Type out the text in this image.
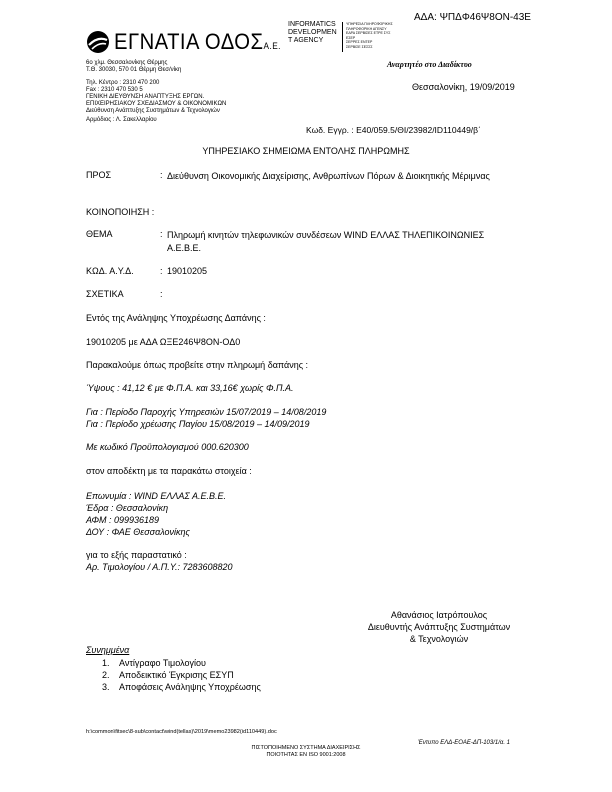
ΑΔΑ: ΨΠΔΦ46Ψ8ΟΝ-43Ε
ΕΓΝΑΤΙΑ ΟΔΟΣΑ.Ε.
INFORMATICS
DEVELOPMEN
T AGENCY
ΥΠΗΡΕΣΙΑ ΠΛΗΡΟΦΟΡΙΚΗΣ
ΠΛΗΡΟΦΟΡΙΚΗ ΑΓΕΝΣΥ
ΕΔΡΑ ΣΕΡΒΙΣΕΣ ΕΤΡΕ ΣΥΣ
ΕΣΕΡ
ΣΕΡΡΕΣ ΕΝΤΕΡ
ΣΕΡΒΙΣΕ ΣΕΣΣΣ
6ο χλμ. Θεσσαλονίκης Θέρμης
Τ.Θ. 30030, 570 01 Θέρμη Θεσ/νίκη
Τηλ. Κέντρο : 2310 470 200
Fax : 2310 470 530 5
ΓΕΝΙΚΗ ΔΙΕΥΘΥΝΣΗ ΑΝΑΠΤΥΞΗΣ ΕΡΓΩΝ.
ΕΠΙΧΕΙΡΗΣΙΑΚΟΥ ΣΧΕΔΙΑΣΜΟΥ & ΟΙΚΟΝΟΜΙΚΩΝ
Διεύθυνση Ανάπτυξης Συστημάτων & Τεχνολογιών
Αρμόδιος : Λ. Σακελλαρίου
Αναρτητέο στο Διαδίκτυο
Θεσσαλονίκη, 19/09/2019
Κωδ. Εγγρ. : Ε40/059.5/ΘΙ/23982/ID110449/β΄
ΥΠΗΡΕΣΙΑΚΟ ΣΗΜΕΙΩΜΑ ΕΝΤΟΛΗΣ ΠΛΗΡΩΜΗΣ
ΠΡΟΣ	: Διεύθυνση Οικονομικής Διαχείρισης, Ανθρωπίνων Πόρων & Διοικητικής Μέριμνας
ΚΟΙΝΟΠΟΙΗΣΗ :
ΘΕΜΑ	: Πληρωμή κινητών τηλεφωνικών συνδέσεων WIND ΕΛΛΑΣ ΤΗΛΕΠΙΚΟΙΝΩΝΙΕΣ Α.Ε.Β.Ε.
ΚΩΔ. Α.Υ.Δ.	: 19010205
ΣΧΕΤΙΚΑ	:
Εντός της Ανάληψης Υποχρέωσης Δαπάνης :
19010205 με ΑΔΑ ΩΞΕ246Ψ8ΟΝ-ΟΔ0
Παρακαλούμε όπως προβείτε στην πληρωμή δαπάνης :
Ύψους : 41,12 € με Φ.Π.Α. και 33,16€ χωρίς Φ.Π.Α.
Για : Περίοδο Παροχής Υπηρεσιών 15/07/2019 – 14/08/2019
Για : Περίοδο χρέωσης Παγίου 15/08/2019 – 14/09/2019
Με κωδικό Προϋπολογισμού 000.620300
στον αποδέκτη με τα παρακάτω στοιχεία :
Επωνυμία : WIND ΕΛΛΑΣ Α.Ε.Β.Ε.
Έδρα : Θεσσαλονίκη
ΑΦΜ : 099936189
ΔΟΥ : ΦΑΕ Θεσσαλονίκης
για το εξής παραστατικό :
Αρ. Τιμολογίου / Α.Π.Υ.: 7283608820
Αθανάσιος Ιατρόπουλος
Διευθυντής Ανάπτυξης Συστημάτων
& Τεχνολογιών
Συνημμένα
1. Αντίγραφο Τιμολογίου
2. Αποδεικτικό Έγκρισης ΕΣΥΠ
3. Αποφάσεις Ανάληψης Υποχρέωσης
h:\common\fitsec\8-sub\contact\wind(tellas)\2019\memo23982(id110449).doc
Έντυπο ΕΛΔ-ΕΟΑΕ-ΔΠ-103/1/α. 1
ΠΙΣΤΟΠΟΙΗΜΕΝΟ ΣΥΣΤΗΜΑ ΔΙΑΧΕΙΡΙΣΗΣ
ΠΟΙΟΤΗΤΑΣ ΕΝ ISO 9001:2008
